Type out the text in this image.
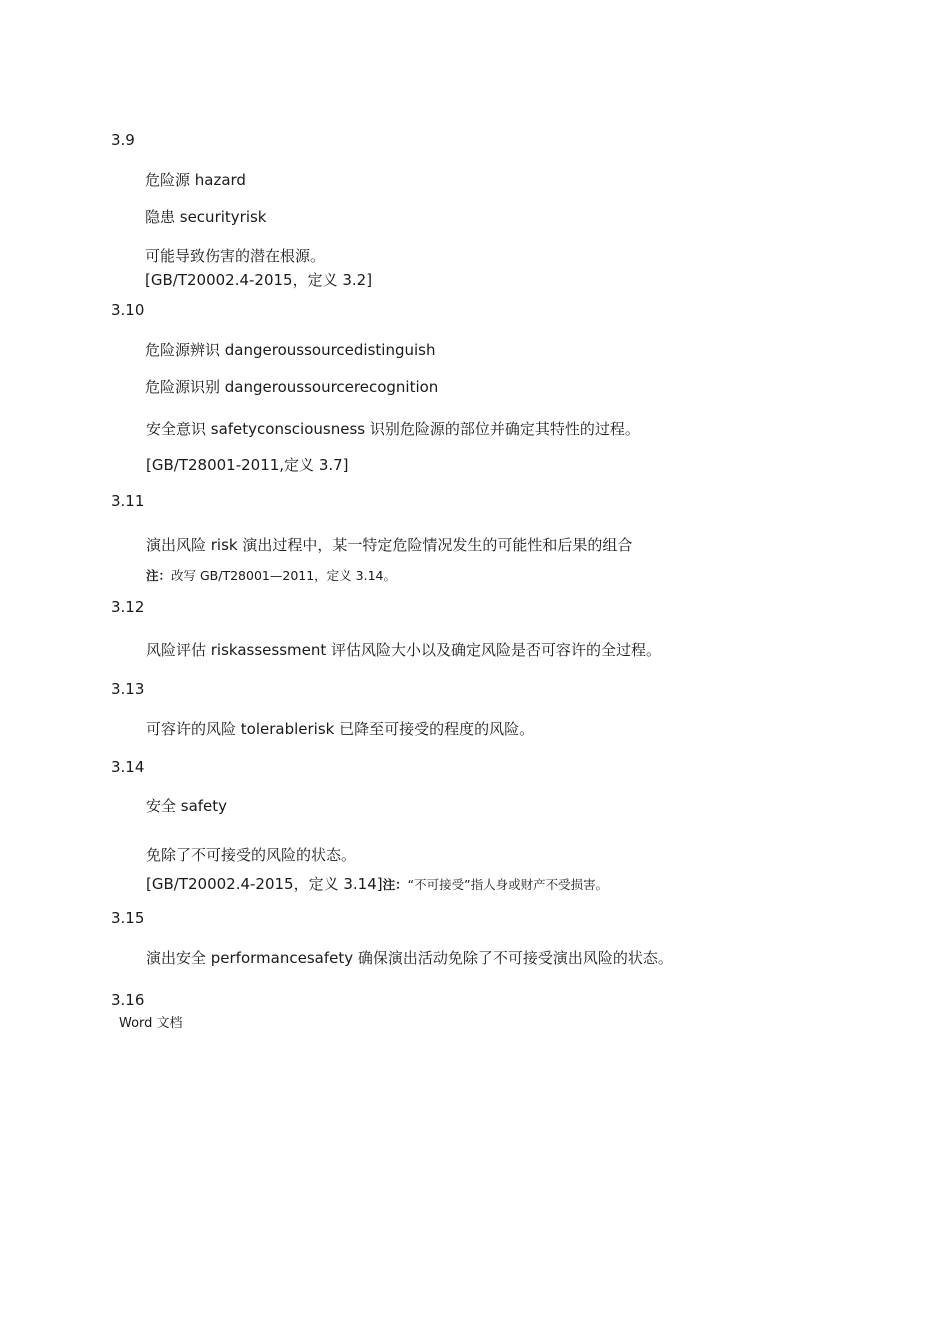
3.9
危险源 hazard
隐患 securityrisk
可能导致伤害的潜在根源。
[GB/T20002.4-2015，定义 3.2]
3.10
危险源辨识 dangeroussourcedistinguish
危险源识别 dangeroussourcerecognition
安全意识 safetyconsciousness 识别危险源的部位并确定其特性的过程。
[GB/T28001-2011,定义 3.7]
3.11
演出风险 risk 演出过程中，某一特定危险情况发生的可能性和后果的组合
注：改写 GB/T28001—2011，定义 3.14。
3.12
风险评估 riskassessment 评估风险大小以及确定风险是否可容许的全过程。
3.13
可容许的风险 tolerablerisk 已降至可接受的程度的风险。
3.14
安全 safety
免除了不可接受的风险的状态。
[GB/T20002.4-2015，定义 3.14]注：“不可接受”指人身或财产不受损害。
3.15
演出安全 performancesafety 确保演出活动免除了不可接受演出风险的状态。
3.16
Word 文档
